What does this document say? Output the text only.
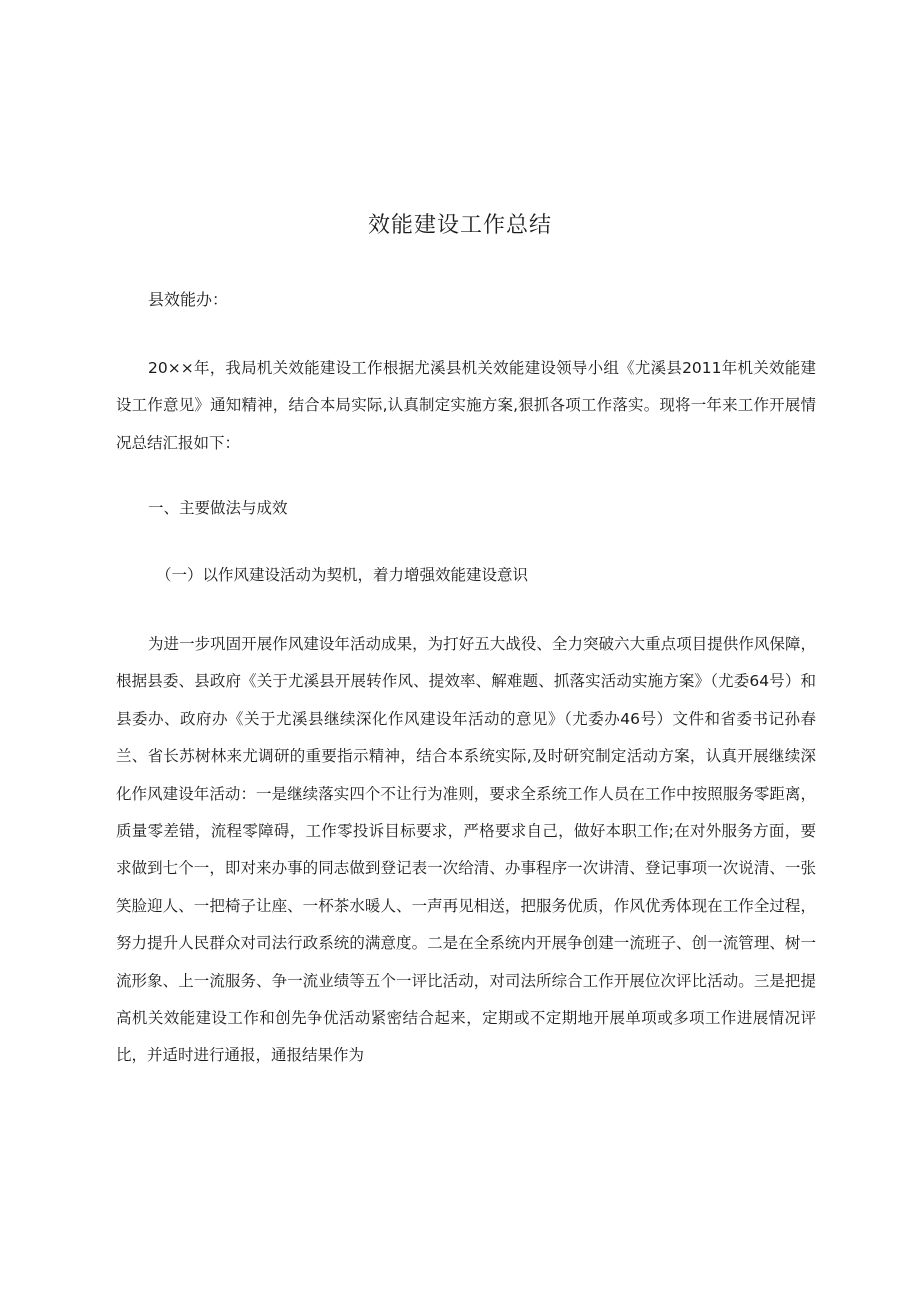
效能建设工作总结
县效能办：

20××年，我局机关效能建设工作根据尤溪县机关效能建设领导小组《尤溪县2011年机关效能建设工作意见》通知精神，结合本局实际,认真制定实施方案,狠抓各项工作落实。现将一年来工作开展情况总结汇报如下：

一、主要做法与成效
（一）以作风建设活动为契机，着力增强效能建设意识

为进一步巩固开展作风建设年活动成果，为打好五大战役、全力突破六大重点项目提供作风保障，根据县委、县政府《关于尤溪县开展转作风、提效率、解难题、抓落实活动实施方案》（尤委64号）和县委办、政府办《关于尤溪县继续深化作风建设年活动的意见》（尤委办46号）文件和省委书记孙春兰、省长苏树林来尤调研的重要指示精神，结合本系统实际,及时研究制定活动方案，认真开展继续深化作风建设年活动：一是继续落实四个不让行为准则，要求全系统工作人员在工作中按照服务零距离，质量零差错，流程零障碍，工作零投诉目标要求，严格要求自己，做好本职工作;在对外服务方面，要求做到七个一，即对来办事的同志做到登记表一次给清、办事程序一次讲清、登记事项一次说清、一张笑脸迎人、一把椅子让座、一杯茶水暖人、一声再见相送，把服务优质，作风优秀体现在工作全过程，努力提升人民群众对司法行政系统的满意度。二是在全系统内开展争创建一流班子、创一流管理、树一流形象、上一流服务、争一流业绩等五个一评比活动，对司法所综合工作开展位次评比活动。三是把提高机关效能建设工作和创先争优活动紧密结合起来，定期或不定期地开展单项或多项工作进展情况评比，并适时进行通报，通报结果作为
